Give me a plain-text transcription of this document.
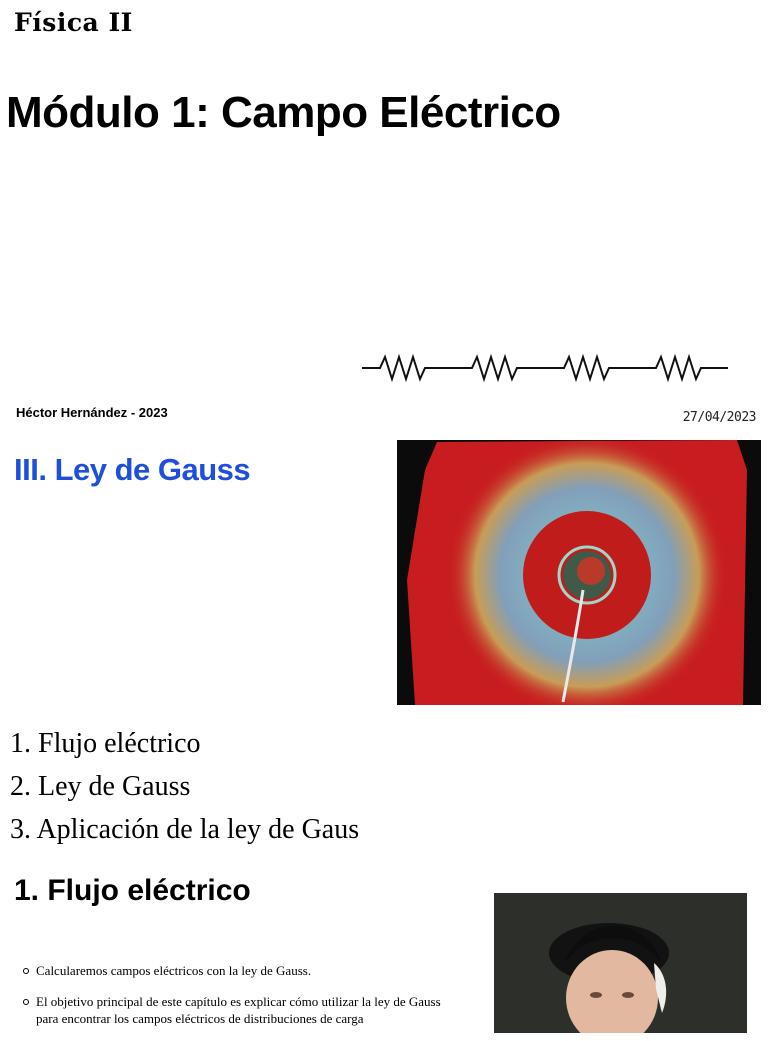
Física II
Módulo 1: Campo Eléctrico
Héctor Hernández - 2023	27/04/2023
III. Ley de Gauss
1. Flujo eléctrico
2. Ley de Gauss
3. Aplicación de la ley de Gaus
1. Flujo eléctrico
Calcularemos campos eléctricos con la ley de Gauss.
El objetivo principal de este capítulo es explicar cómo utilizar la ley de Gauss para encontrar los campos eléctricos de distribuciones de carga
